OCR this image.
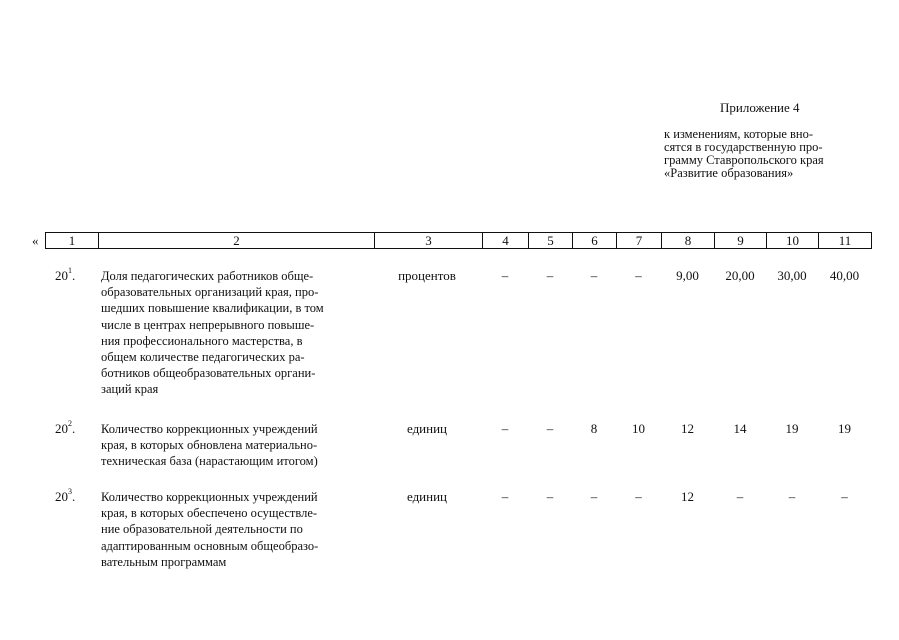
Приложение 4
к изменениям, которые вно-
сятся в государственную про-
грамму Ставропольского края
«Развитие образования»
«	1	2	3	4	5	6	7	8	9	10	11
$20^1$. Доля педагогических работников обще-
образовательных организаций края, про-
шедших повышение квалификации, в том
числе в центрах непрерывного повыше-
ния профессионального мастерства, в
общем количестве педагогических ра-
ботников общеобразовательных органи-
заций края
процентов	–	–	–	–	9,00	20,00	30,00	40,00
$20^2$. Количество коррекционных учреждений
края, в которых обновлена материально-
техническая база (нарастающим итогом)
единиц	–	–	8	10	12	14	19	19
$20^3$. Количество коррекционных учреждений
края, в которых обеспечено осуществле-
ние образовательной деятельности по
адаптированным основным общеобразо-
вательным программам
единиц	–	–	–	–	12	–	–	–
